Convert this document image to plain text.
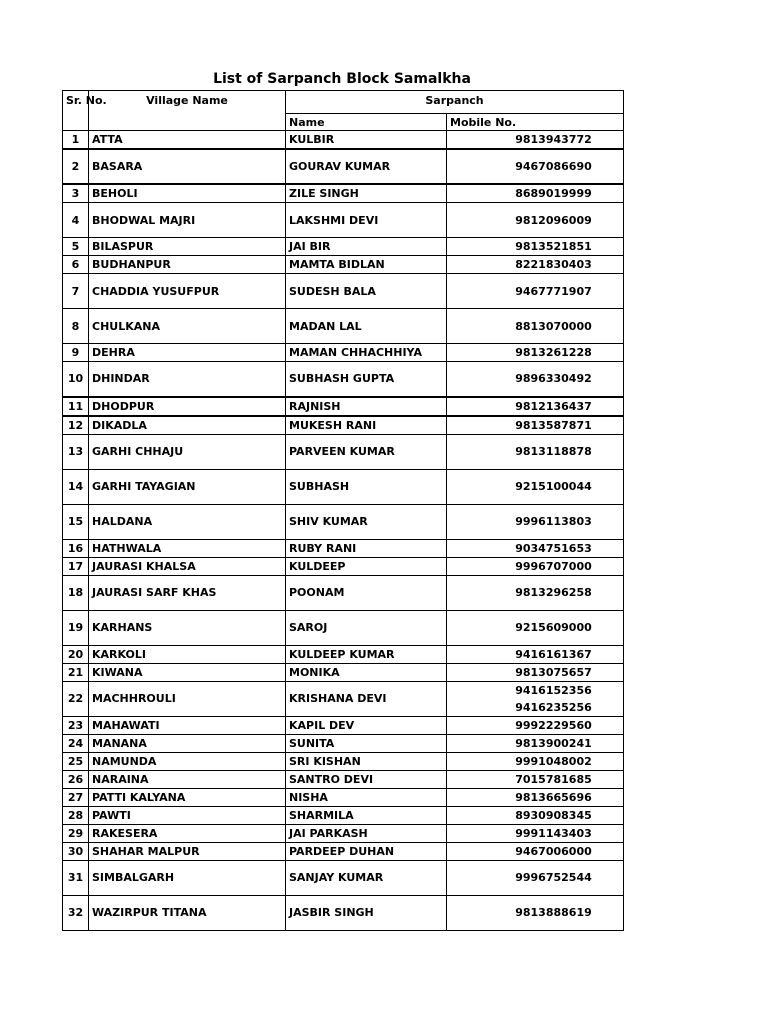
List of Sarpanch Block Samalkha
Sr. No.	Village Name	Sarpanch	
		Name	Mobile No.
1	ATTA	KULBIR	9813943772

2	BASARA	GOURAV KUMAR	9467086690

3	BEHOLI	ZILE SINGH	8689019999

4	BHODWAL MAJRI	LAKSHMI DEVI	9812096009

5	BILASPUR	JAI BIR	9813521851

6	BUDHANPUR	MAMTA BIDLAN	8221830403

7	CHADDIA YUSUFPUR	SUDESH BALA	9467771907

8	CHULKANA	MADAN LAL	8813070000

9	DEHRA	MAMAN CHHACHHIYA	9813261228

10	DHINDAR	SUBHASH GUPTA	9896330492

11	DHODPUR	RAJNISH	9812136437

12	DIKADLA	MUKESH RANI	9813587871

13	GARHI CHHAJU	PARVEEN KUMAR	9813118878

14	GARHI TAYAGIAN	SUBHASH	9215100044

15	HALDANA	SHIV KUMAR	9996113803

16	HATHWALA	RUBY RANI	9034751653

17	JAURASI KHALSA	KULDEEP	9996707000

18	JAURASI SARF KHAS	POONAM	9813296258

19	KARHANS	SAROJ	9215609000

20	KARKOLI	KULDEEP KUMAR	9416161367

21	KIWANA	MONIKA	9813075657

22	MACHHROULI	KRISHANA DEVI	9416152356
9416235256

23	MAHAWATI	KAPIL DEV	9992229560

24	MANANA	SUNITA	9813900241

25	NAMUNDA	SRI KISHAN	9991048002

26	NARAINA	SANTRO DEVI	7015781685

27	PATTI KALYANA	NISHA	9813665696

28	PAWTI	SHARMILA	8930908345

29	RAKESERA	JAI PARKASH	9991143403

30	SHAHAR MALPUR	PARDEEP DUHAN	9467006000

31	SIMBALGARH	SANJAY KUMAR	9996752544

32	WAZIRPUR TITANA	JASBIR SINGH	9813888619
